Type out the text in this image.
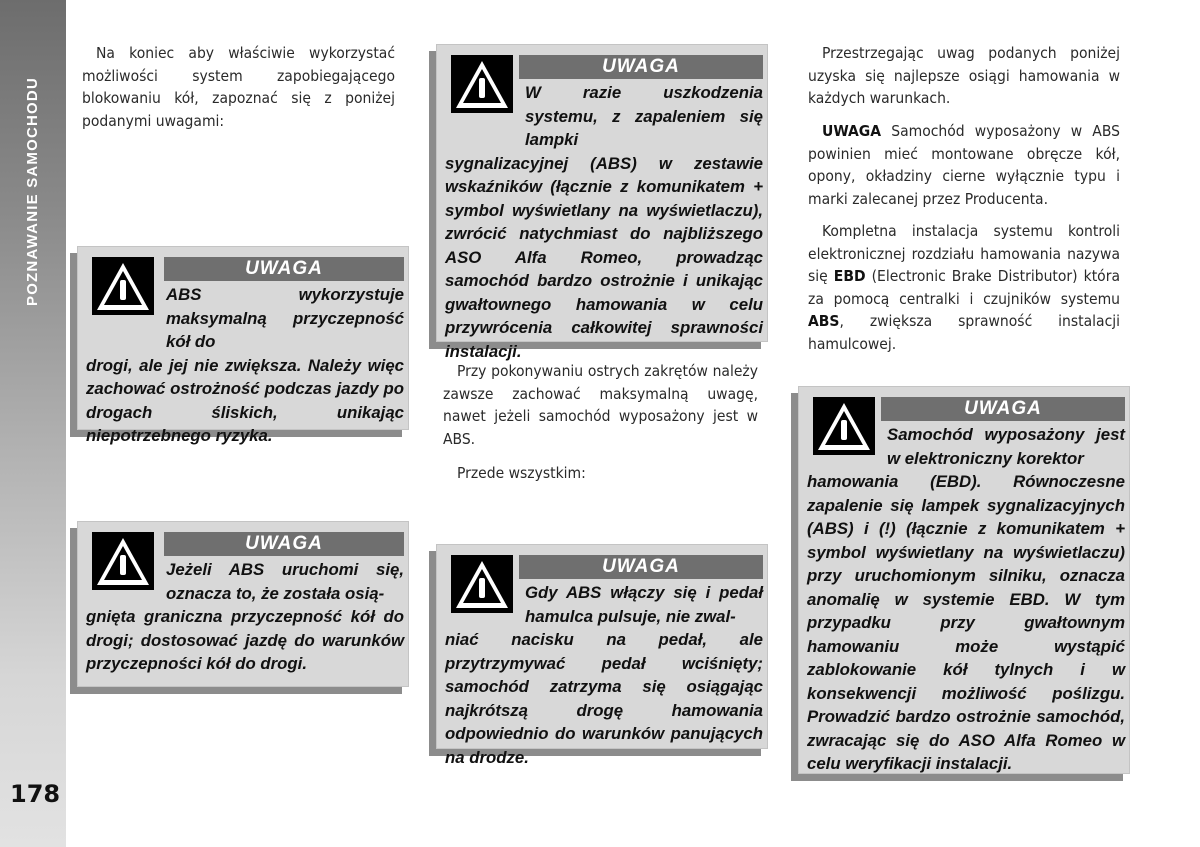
POZNAWANIE SAMOCHODU
178

Na koniec aby właściwie wykorzystać możliwości system zapobiegającego blokowaniu kół, zapoznać się z poniżej podanymi uwagami:

UWAGA

ABS wykorzystuje maksymalną przyczepność kół do
drogi, ale jej nie zwiększa. Należy więc zachować ostrożność podczas jazdy po drogach śliskich, unikając niepotrzebnego ryzyka.

UWAGA

Jeżeli ABS uruchomi się, oznacza to, że została osią-
gnięta graniczna przyczepność kół do drogi; dostosować jazdę do warunków przyczepności kół do drogi.

UWAGA

W razie uszkodzenia systemu, z zapaleniem się lampki
sygnalizacyjnej (ABS) w zestawie wskaźników (łącznie z komunikatem + symbol wyświetlany na wyświetlaczu), zwrócić natychmiast do najbliższego ASO Alfa Romeo, prowadząc samochód bardzo ostrożnie i unikając gwałtownego hamowania w celu przywrócenia całkowitej sprawności instalacji.

Przy pokonywaniu ostrych zakrętów należy zawsze zachować maksymalną uwagę, nawet jeżeli samochód wyposażony jest w ABS.

Przede wszystkim:

UWAGA

Gdy ABS włączy się i pedał hamulca pulsuje, nie zwal-
niać nacisku na pedał, ale przytrzymywać pedał wciśnięty; samochód zatrzyma się osiągając najkrótszą drogę hamowania odpowiednio do warunków panujących na drodze.

Przestrzegając uwag podanych poniżej uzyska się najlepsze osiągi hamowania w każdych warunkach.

UWAGA Samochód wyposażony w ABS powinien mieć montowane obręcze kół, opony, okładziny cierne wyłącznie typu i marki zalecanej przez Producenta.

Kompletna instalacja systemu kontroli elektronicznej rozdziału hamowania nazywa się EBD (Electronic Brake Distributor) która za pomocą centralki i czujników systemu ABS, zwiększa sprawność instalacji hamulcowej.

UWAGA

Samochód wyposażony jest w elektroniczny korektor
hamowania (EBD). Równoczesne zapalenie się lampek sygnalizacyjnych (ABS) i (!) (łącznie z komunikatem + symbol wyświetlany na wyświetlaczu) przy uruchomionym silniku, oznacza anomalię w systemie EBD. W tym przypadku przy gwałtownym hamowaniu może wystąpić zablokowanie kół tylnych i w konsekwencji możliwość poślizgu. Prowadzić bardzo ostrożnie samochód, zwracając się do ASO Alfa Romeo w celu weryfikacji instalacji.
